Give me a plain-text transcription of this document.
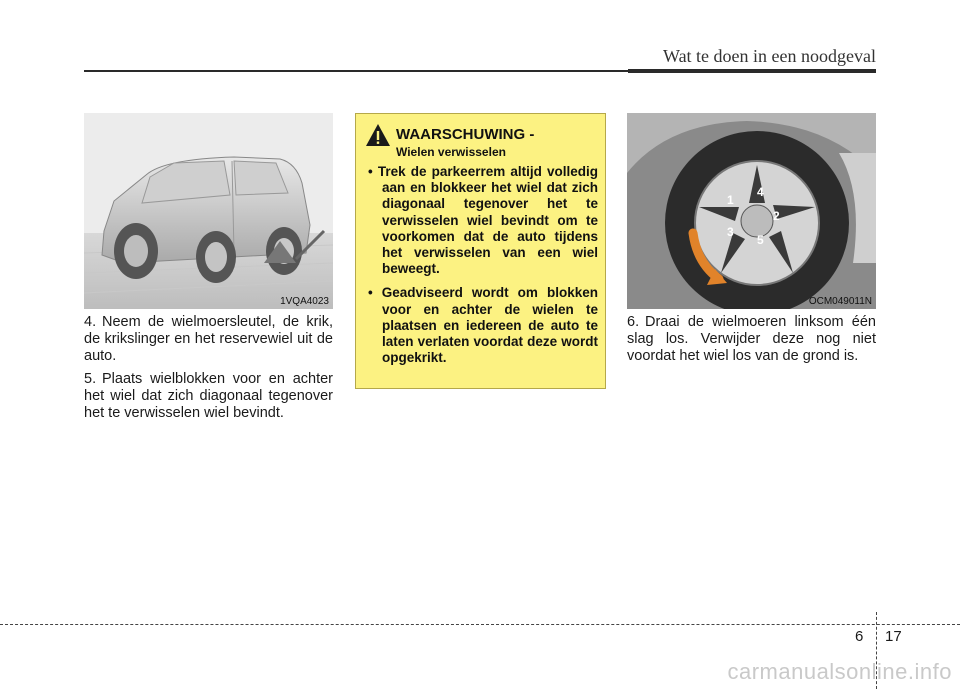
Wat te doen in een noodgeval
1VQA4023
4. Neem de wielmoersleutel, de krik, de krikslinger en het reservewiel uit de auto.
5. Plaats wielblokken voor en achter het wiel dat zich diagonaal tegenover het te verwisselen wiel bevindt.
WAARSCHUWING -
Wielen verwisselen
• Trek de parkeerrem altijd volledig aan en blokkeer het wiel dat zich diagonaal tegenover het te verwisselen wiel bevindt om te voorkomen dat de auto tijdens het verwisselen van een wiel beweegt.
• Geadviseerd wordt om blokken voor en achter de wielen te plaatsen en iedereen de auto te laten verlaten voordat deze wordt opgekrikt.
1
2
3
4
5
OCM049011N
6. Draai de wielmoeren linksom één slag los. Verwijder deze nog niet voordat het wiel los van de grond is.
6 17
carmanualsonline.info
